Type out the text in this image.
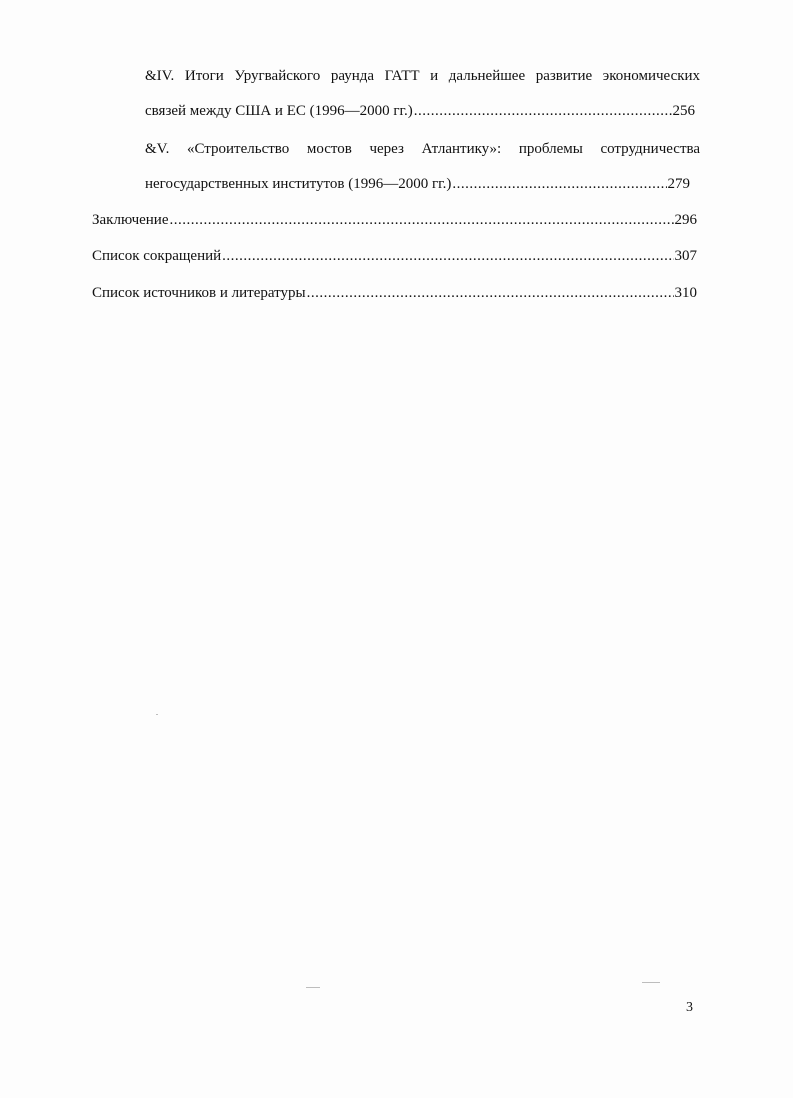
&IV. Итоги Уругвайского раунда ГАТТ и дальнейшее развитие экономических
связей между США и ЕС (1996—2000 гг.) .....	256
&V. «Строительство мостов через Атлантику»: проблемы сотрудничества
негосударственных институтов (1996—2000 гг.) .....	279
Заключение .....	296
Список сокращений .....	307
Список источников и литературы .....	310
3
